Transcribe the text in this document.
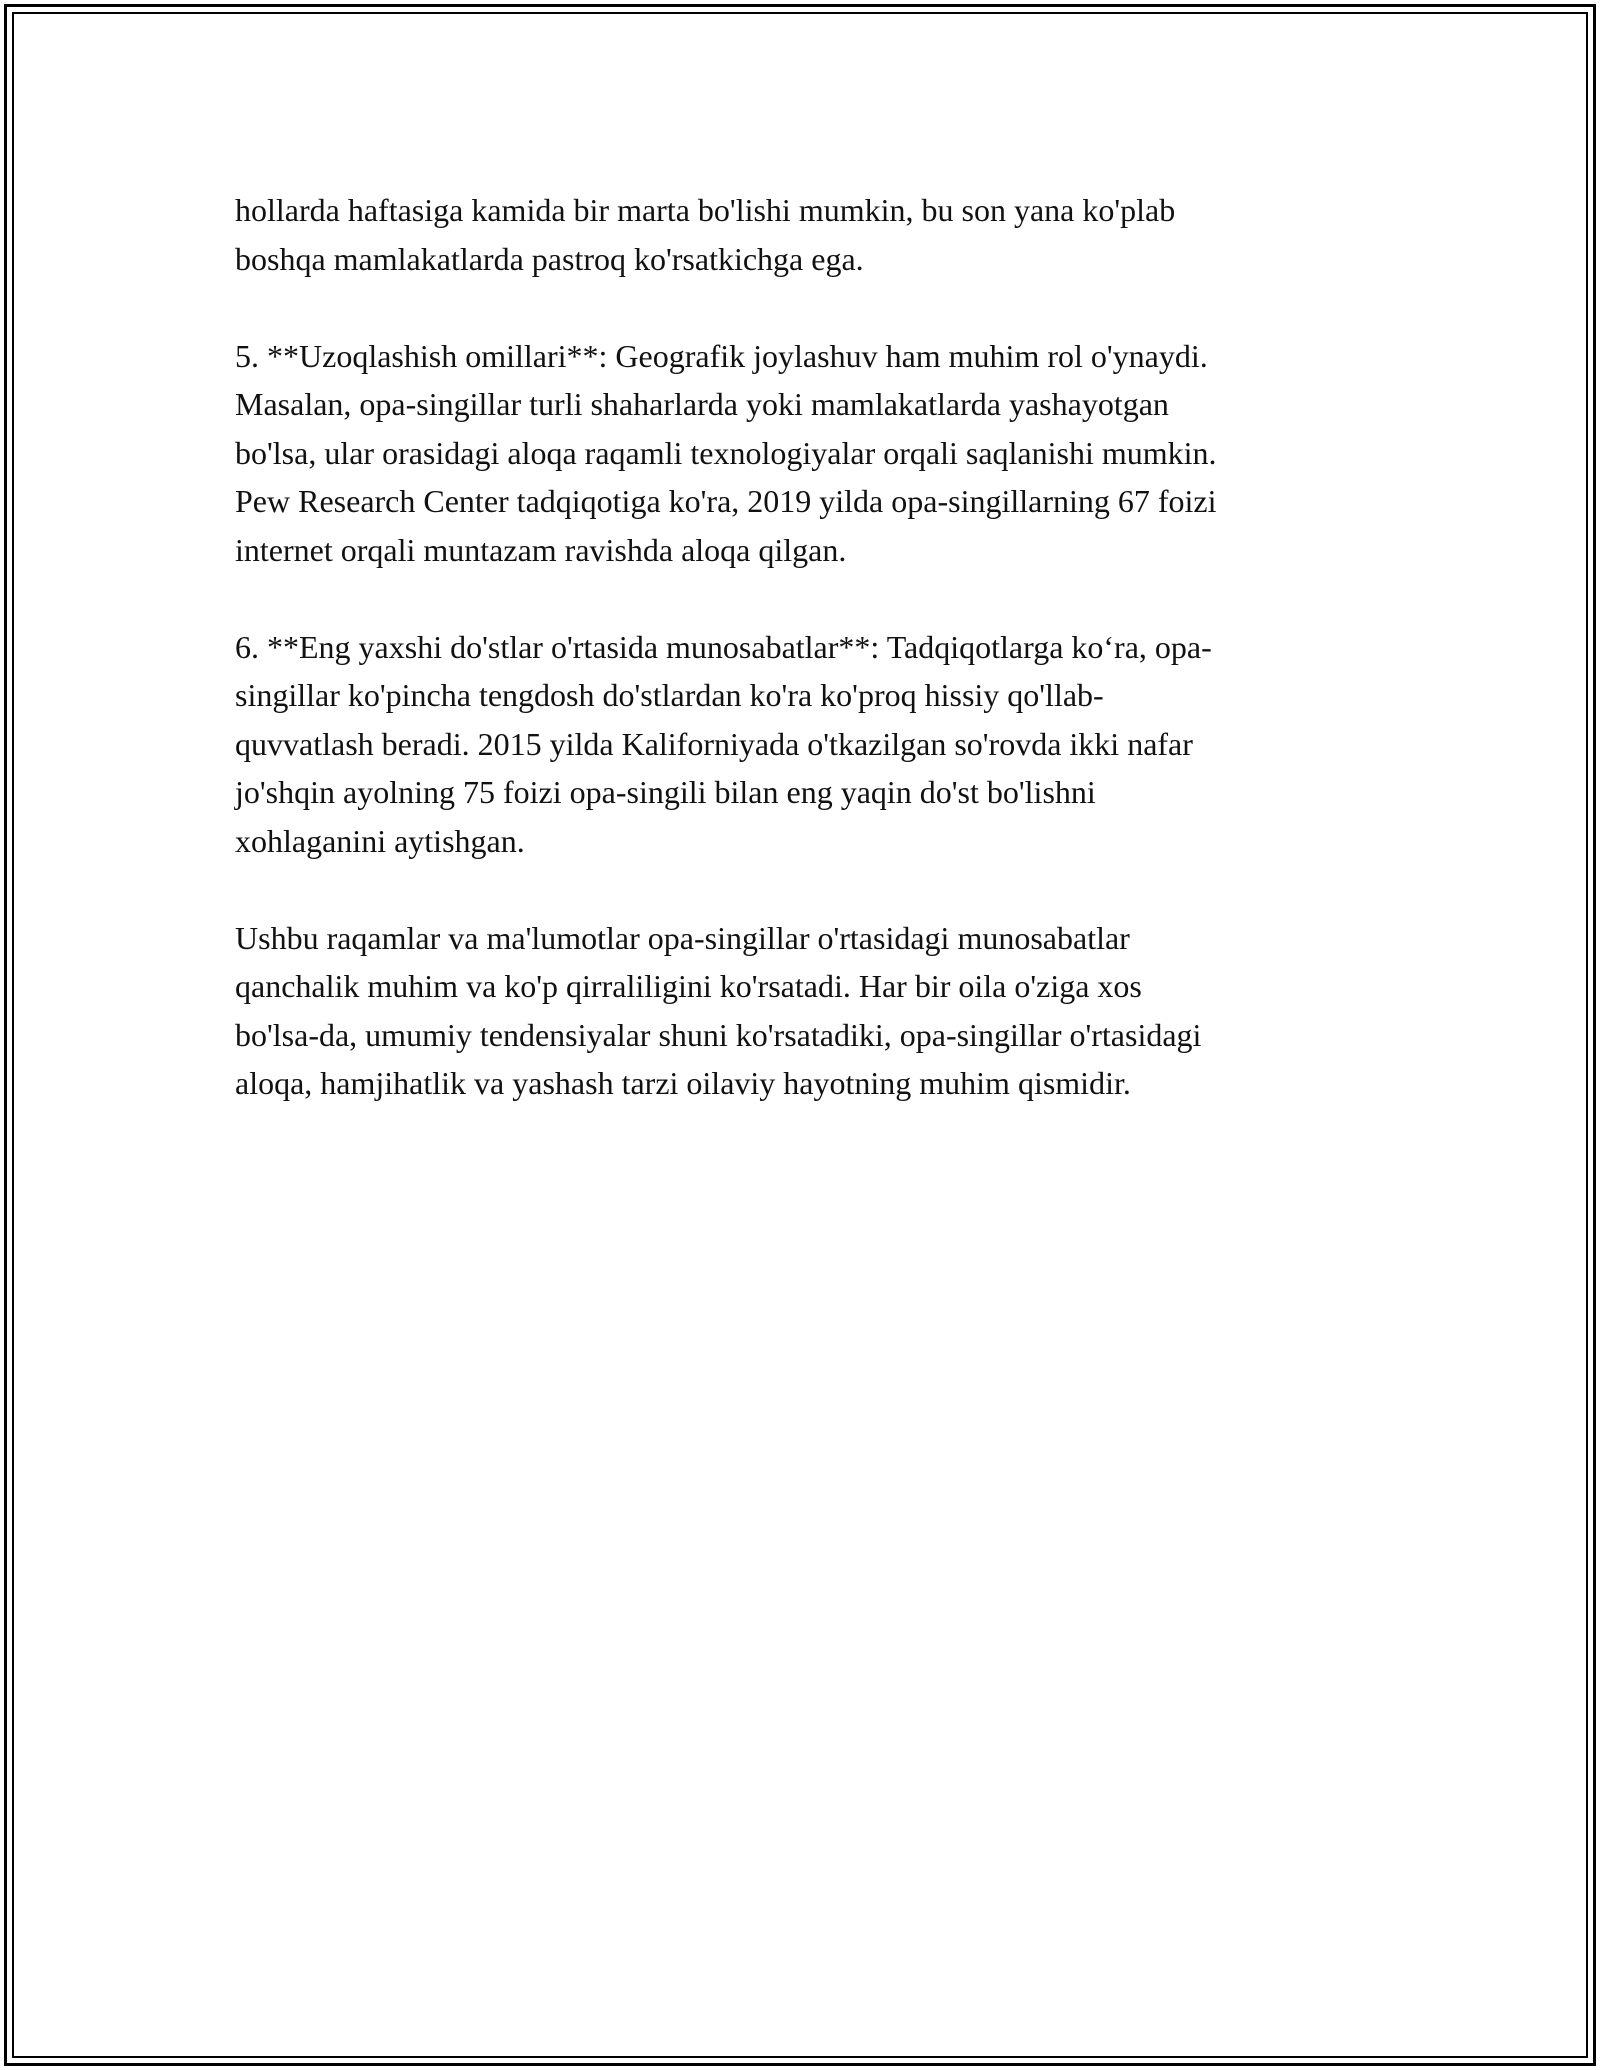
hollarda haftasiga kamida bir marta bo'lishi mumkin, bu son yana ko'plab
boshqa mamlakatlarda pastroq ko'rsatkichga ega.

5. **Uzoqlashish omillari**: Geografik joylashuv ham muhim rol o'ynaydi.
Masalan, opa-singillar turli shaharlarda yoki mamlakatlarda yashayotgan
bo'lsa, ular orasidagi aloqa raqamli texnologiyalar orqali saqlanishi mumkin.
Pew Research Center tadqiqotiga ko'ra, 2019 yilda opa-singillarning 67 foizi
internet orqali muntazam ravishda aloqa qilgan.

6. **Eng yaxshi do'stlar o'rtasida munosabatlar**: Tadqiqotlarga ko‘ra, opa-
singillar ko'pincha tengdosh do'stlardan ko'ra ko'proq hissiy qo'llab-
quvvatlash beradi. 2015 yilda Kaliforniyada o'tkazilgan so'rovda ikki nafar
jo'shqin ayolning 75 foizi opa-singili bilan eng yaqin do'st bo'lishni
xohlaganini aytishgan.

Ushbu raqamlar va ma'lumotlar opa-singillar o'rtasidagi munosabatlar
qanchalik muhim va ko'p qirraliligini ko'rsatadi. Har bir oila o'ziga xos
bo'lsa-da, umumiy tendensiyalar shuni ko'rsatadiki, opa-singillar o'rtasidagi
aloqa, hamjihatlik va yashash tarzi oilaviy hayotning muhim qismidir.
